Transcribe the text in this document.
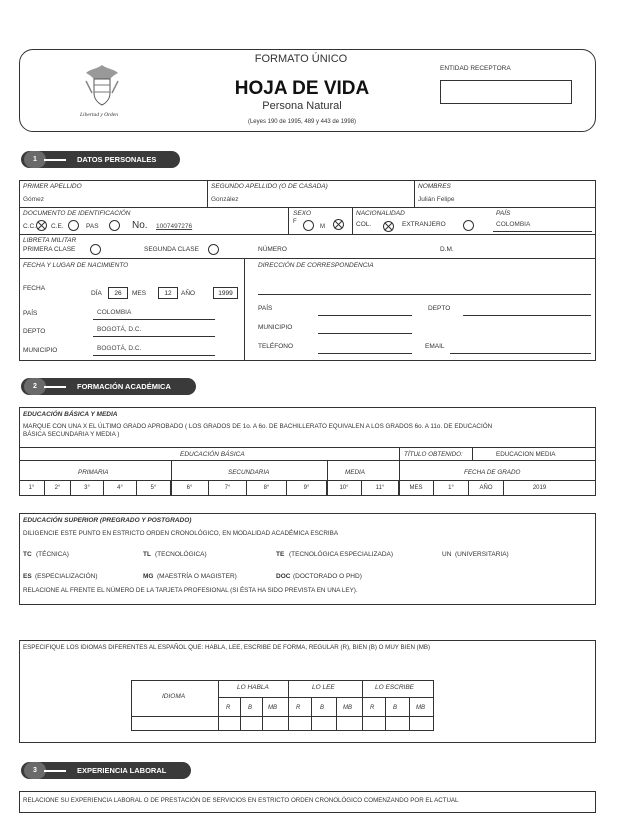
Libertad y Orden
FORMATO ÚNICO
HOJA DE VIDA
Persona Natural
(Leyes 190 de 1995, 489 y 443 de 1998)
ENTIDAD RECEPTORA
1	DATOS PERSONALES
PRIMER APELLIDO
Gómez
SEGUNDO APELLIDO (O DE CASADA)
González
NOMBRES
Julián Felipe
DOCUMENTO DE IDENTIFICACIÓN
C.C. C.E.	PAS	No. 1007497276
SEXO
F
M
NACIONALIDAD
COL.	EXTRANJERO
PAÍS
COLOMBIA
LIBRETA MILITAR
PRIMERA CLASE	SEGUNDA CLASE	NÚMERO	D.M.
FECHA Y LUGAR DE NACIMIENTO
FECHA
DÍA	26	MES	12	AÑO	1999
PAÍS	COLOMBIA
DEPTO	BOGOTÁ, D.C.
MUNICIPIO	BOGOTÁ, D.C.
DIRECCIÓN DE CORRESPONDENCIA
PAÍS	DEPTO
MUNICIPIO
TELÉFONO	EMAIL
2	FORMACIÓN ACADÉMICA
EDUCACIÓN BÁSICA Y MEDIA
MARQUE CON UNA X EL ÚLTIMO GRADO APROBADO ( LOS GRADOS DE 1o. A 6o. DE BACHILLERATO EQUIVALEN A LOS GRADOS 6o. A 11o. DE EDUCACIÓN
BÁSICA SECUNDARIA Y MEDIA )
EDUCACIÓN BÁSICA	TÍTULO OBTENIDO:	EDUCACION MEDIA
PRIMARIA	SECUNDARIA	MEDIA	FECHA DE GRADO
1°	2°	3°	4°	5°	6°	7°	8°	9°	10°	11°	MES	1°	AÑO	2019
EDUCACIÓN SUPERIOR (PREGRADO Y POSTGRADO)
DILIGENCIE ESTE PUNTO EN ESTRICTO ORDEN CRONOLÓGICO, EN MODALIDAD ACADÉMICA ESCRIBA
TC (TÉCNICA)	TL (TECNOLÓGICA)	TE (TECNOLÓGICA ESPECIALIZADA)	UN (UNIVERSITARIA)
ES (ESPECIALIZACIÓN)	MG (MAESTRÍA O MAGISTER)	DOC (DOCTORADO O PHD)
RELACIONE AL FRENTE EL NÚMERO DE LA TARJETA PROFESIONAL (SI ÉSTA HA SIDO PREVISTA EN UNA LEY).
ESPECIFIQUE LOS IDIOMAS DIFERENTES AL ESPAÑOL QUE: HABLA, LEE, ESCRIBE DE FORMA, REGULAR (R), BIEN (B) O MUY BIEN (MB)
IDIOMA
LO HABLA	LO LEE	LO ESCRIBE
R	B	MB	R	B	MB	R	B	MB
3	EXPERIENCIA LABORAL
RELACIONE SU EXPERIENCIA LABORAL O DE PRESTACIÓN DE SERVICIOS EN ESTRICTO ORDEN CRONOLÓGICO COMENZANDO POR EL ACTUAL
